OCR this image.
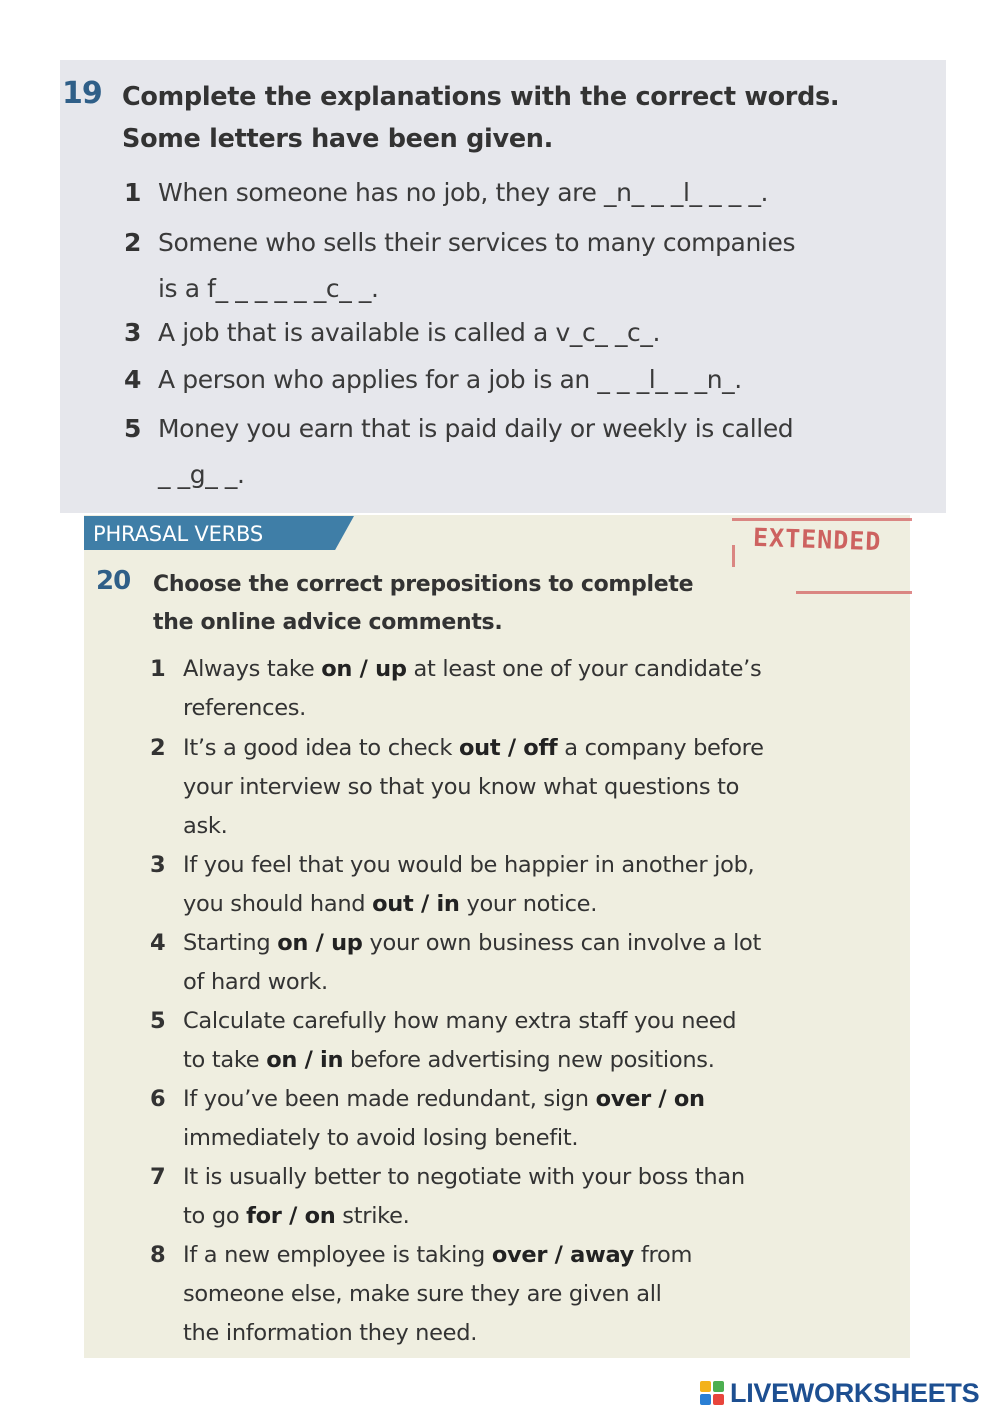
19 Complete the explanations with the correct words.
Some letters have been given.
1 When someone has no job, they are _n_ _ _l_ _ _ _.
2 Somene who sells their services to many companies
is a f_ _ _ _ _ _c_ _.
3 A job that is available is called a v_c_ _c_.
4 A person who applies for a job is an _ _ _l_ _ _n_.
5 Money you earn that is paid daily or weekly is called
_ _g_ _.
PHRASAL VERBS	EXTENDED
20 Choose the correct prepositions to complete
the online advice comments.
1 Always take on / up at least one of your candidate’s
references.
2 It’s a good idea to check out / off a company before
your interview so that you know what questions to
ask.
3 If you feel that you would be happier in another job,
you should hand out / in your notice.
4 Starting on / up your own business can involve a lot
of hard work.
5 Calculate carefully how many extra staff you need
to take on / in before advertising new positions.
6 If you’ve been made redundant, sign over / on
immediately to avoid losing benefit.
7 It is usually better to negotiate with your boss than
to go for / on strike.
8 If a new employee is taking over / away from
someone else, make sure they are given all
the information they need.
LIVEWORKSHEETS
